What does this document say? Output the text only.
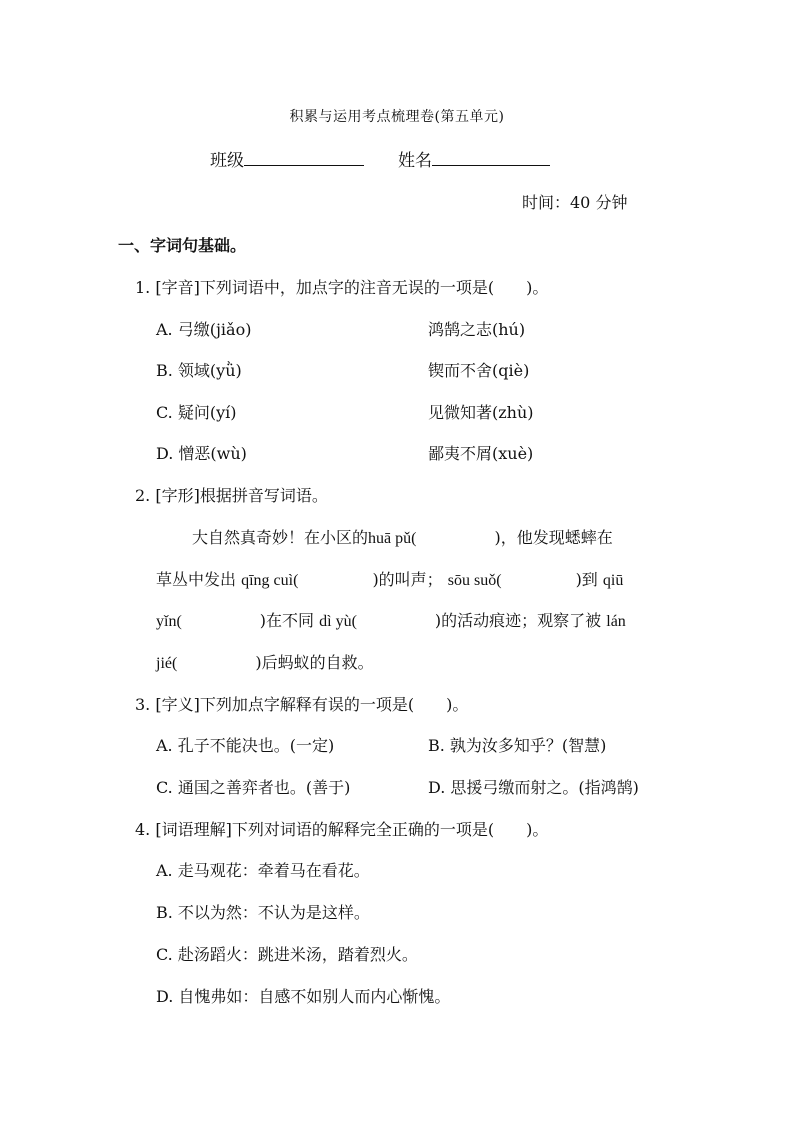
积累与运用考点梳理卷(第五单元)
班级	姓名
时间：40 分钟
一、字词句基础。
1. [字音]下列词语中，加点字的注音无误的一项是(　　)。
A. 弓缴(jiǎo)	鸿鹄之志(hú)
B. 领域(yǜ)	锲而不舍(qiè)
C. 疑问(yí)	见微知著(zhù)
D. 憎恶(wù)	鄙夷不屑(xuè)
2. [字形]根据拼音写词语。
大自然真奇妙！在小区的huā pǔ(	)，他发现蟋蟀在
草丛中发出 qīng cuì(	)的叫声； sōu suǒ(	)到 qiū
yǐn(	)在不同 dì yù(	)的活动痕迹；观察了被 lán
jié(	)后蚂蚁的自救。
3. [字义]下列加点字解释有误的一项是(　　)。
A. 孔子不能决也。(一定)	B. 孰为汝多知乎？(智慧)
C. 通国之善弈者也。(善于)	D. 思援弓缴而射之。(指鸿鹄)
4. [词语理解]下列对词语的解释完全正确的一项是(　　)。
A. 走马观花：牵着马在看花。
B. 不以为然：不认为是这样。
C. 赴汤蹈火：跳进米汤，踏着烈火。
D. 自愧弗如：自感不如别人而内心惭愧。
